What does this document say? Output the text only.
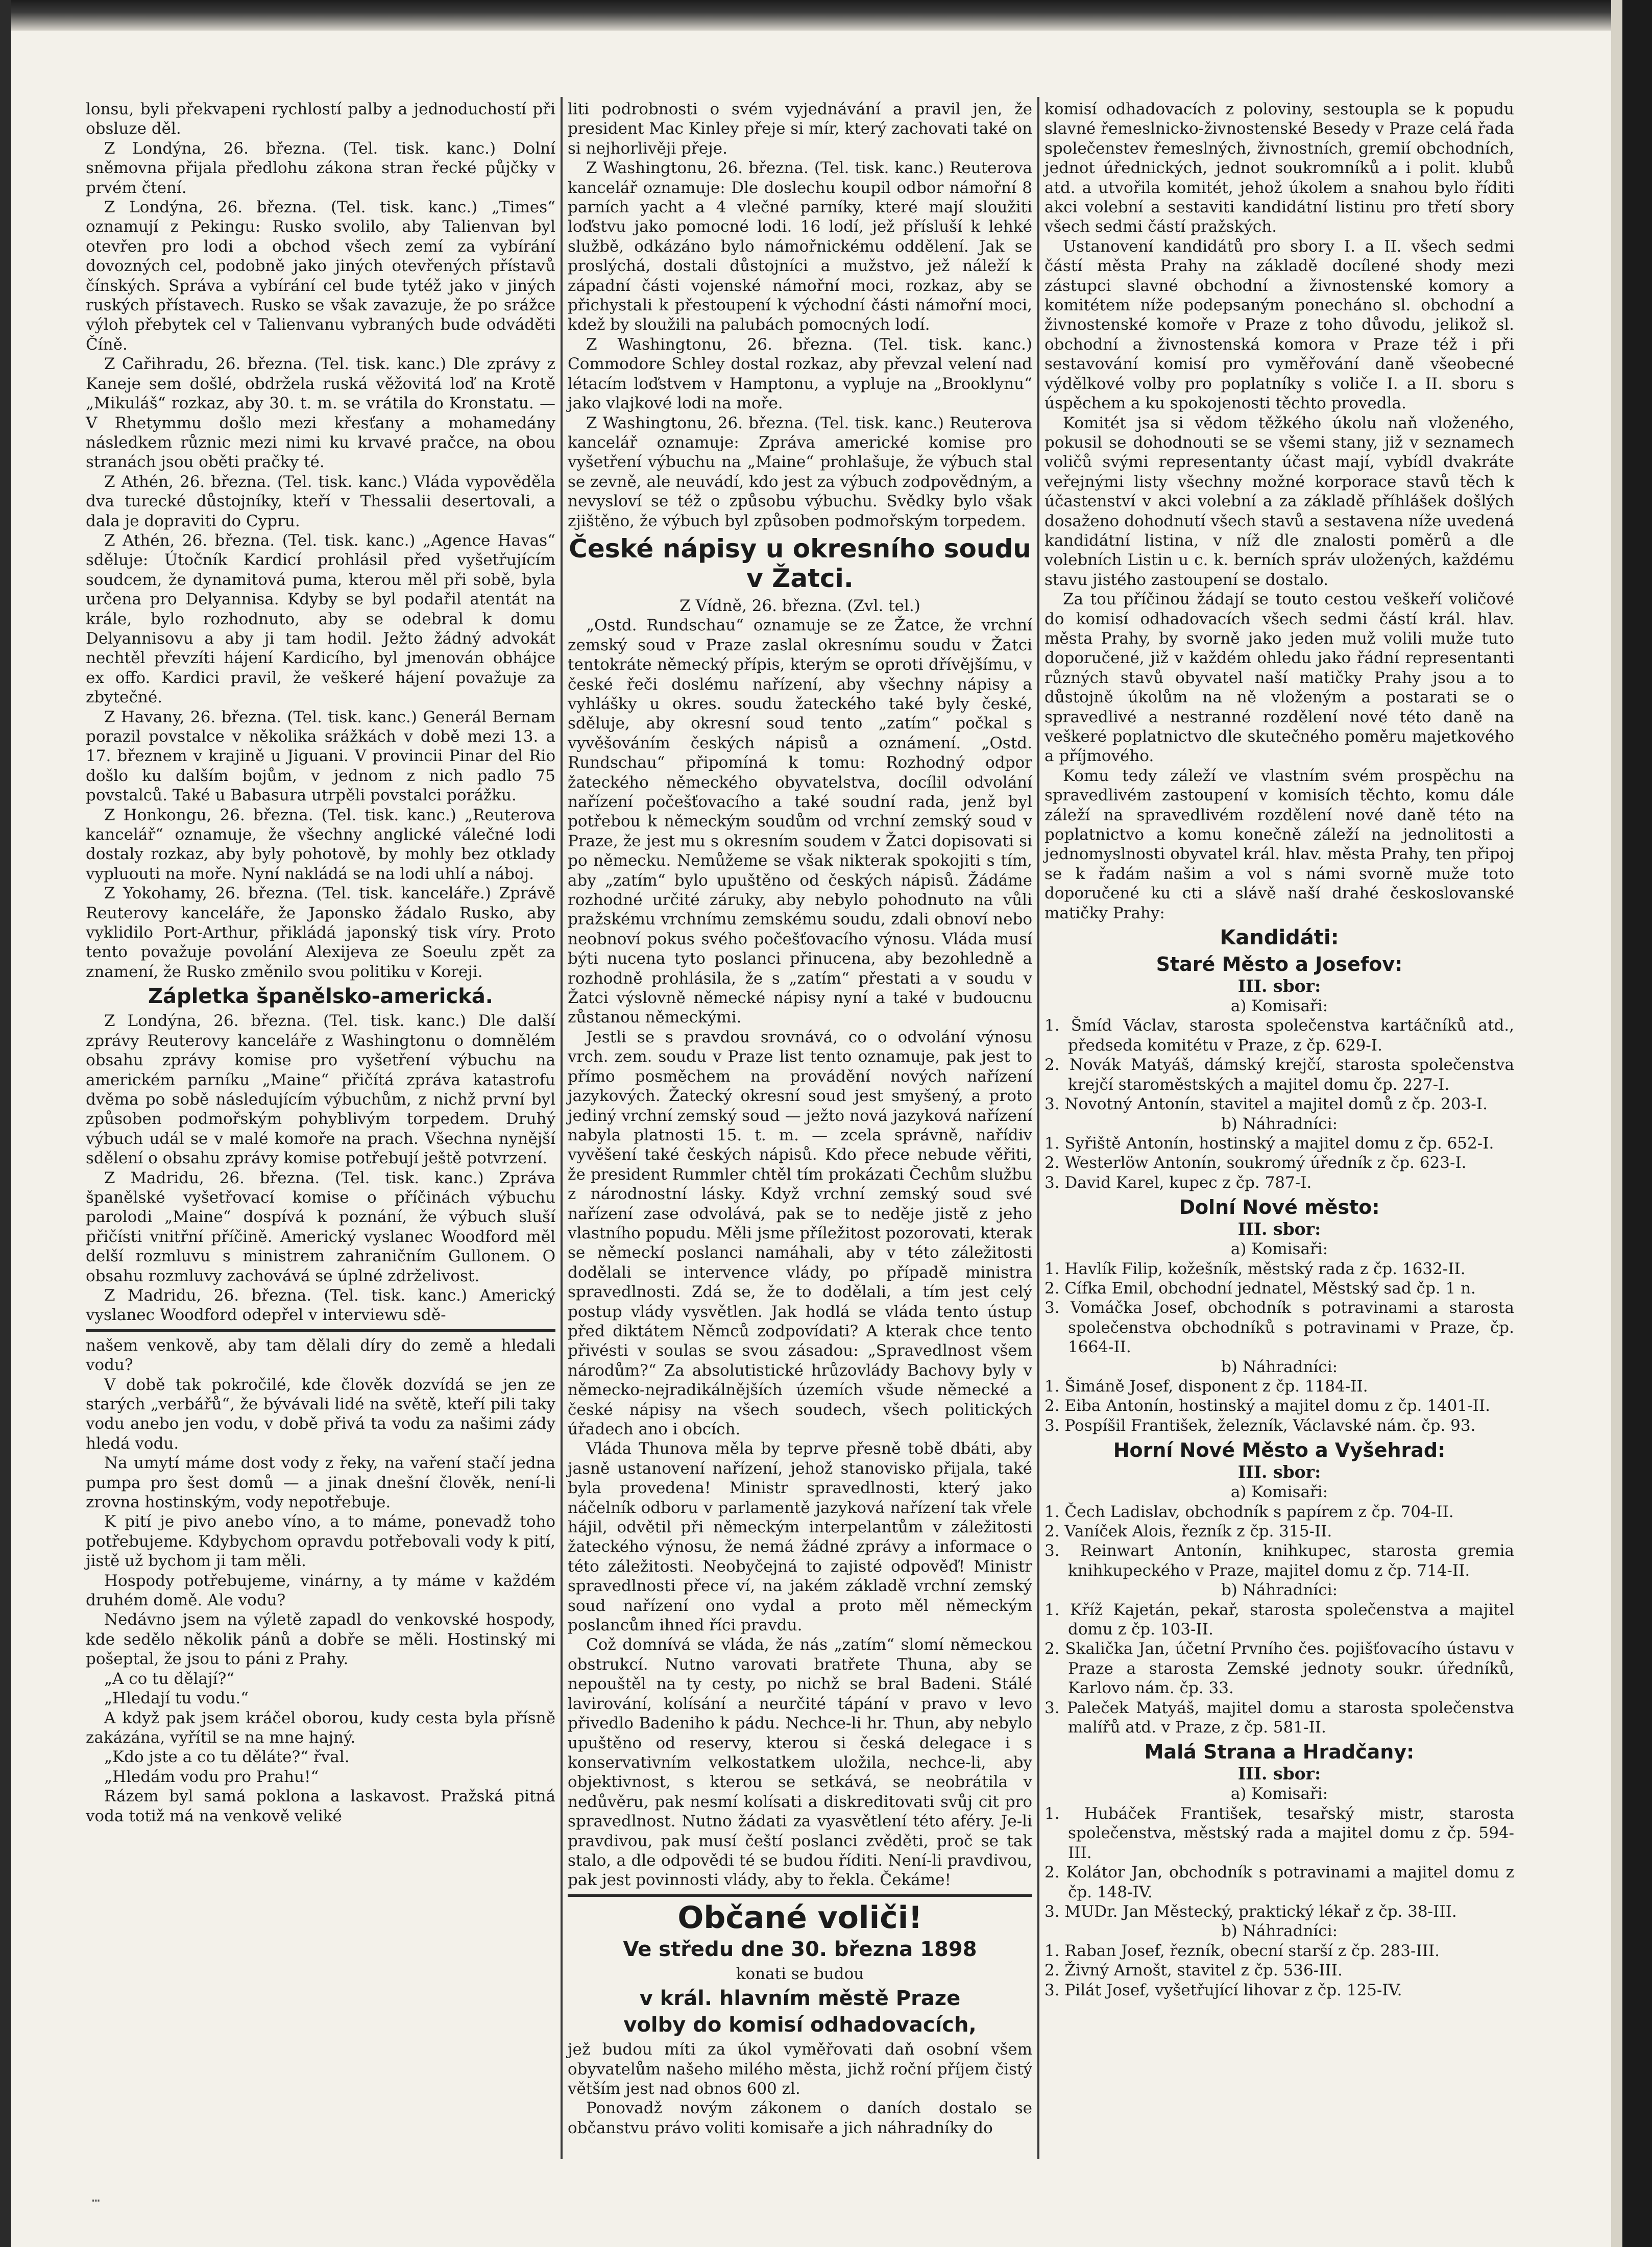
lonsu, byli překvapeni rychlostí palby a jednoduchostí při obsluze děl.

Z Londýna, 26. března. (Tel. tisk. kanc.) Dolní sněmovna přijala předlohu zákona stran řecké půjčky v prvém čtení.

Z Londýna, 26. března. (Tel. tisk. kanc.) „Times“ oznamují z Pekingu: Rusko svolilo, aby Talienvan byl otevřen pro lodi a obchod všech zemí za vybírání dovozných cel, podobně jako jiných otevřených přístavů čínských. Správa a vybírání cel bude tytéž jako v jiných ruských přístavech. Rusko se však zavazuje, že po srážce výloh přebytek cel v Talienvanu vybraných bude odváděti Číně.

Z Cařihradu, 26. března. (Tel. tisk. kanc.) Dle zprávy z Kaneje sem došlé, obdržela ruská věžovitá loď na Krotě „Mikuláš“ rozkaz, aby 30. t. m. se vrátila do Kronstatu. — V Rhetymmu došlo mezi křesťany a mohamedány následkem různic mezi nimi ku krvavé pračce, na obou stranách jsou oběti pračky té.

Z Athén, 26. března. (Tel. tisk. kanc.) Vláda vypověděla dva turecké důstojníky, kteří v Thessalii desertovali, a dala je dopraviti do Cypru.

Z Athén, 26. března. (Tel. tisk. kanc.) „Agence Havas“ sděluje: Útočník Kardicí prohlásil před vyšetřujícím soudcem, že dynamitová puma, kterou měl při sobě, byla určena pro Delyannisa. Kdyby se byl podařil atentát na krále, bylo rozhodnuto, aby se odebral k domu Delyannisovu a aby ji tam hodil. Ježto žádný advokát nechtěl převzíti hájení Kardicího, byl jmenován obhájce ex offo. Kardici pravil, že veškeré hájení považuje za zbytečné.

Z Havany, 26. března. (Tel. tisk. kanc.) Generál Bernam porazil povstalce v několika srážkách v době mezi 13. a 17. březnem v krajině u Jiguani. V provincii Pinar del Rio došlo ku dalším bojům, v jednom z nich padlo 75 povstalců. Také u Babasura utrpěli povstalci porážku.

Z Honkongu, 26. března. (Tel. tisk. kanc.) „Reuterova kancelář“ oznamuje, že všechny anglické válečné lodi dostaly rozkaz, aby byly pohotově, by mohly bez otklady vypluouti na moře. Nyní nakládá se na lodi uhlí a náboj.

Z Yokohamy, 26. března. (Tel. tisk. kanceláře.) Zprávě Reuterovy kanceláře, že Japonsko žádalo Rusko, aby vyklidilo Port-Arthur, přikládá japonský tisk víry. Proto tento považuje povolání Alexijeva ze Soeulu zpět za znamení, že Rusko změnilo svou politiku v Koreji.

Zápletka španělsko-americká.

Z Londýna, 26. března. (Tel. tisk. kanc.) Dle další zprávy Reuterovy kanceláře z Washingtonu o domnělém obsahu zprávy komise pro vyšetření výbuchu na americkém parníku „Maine“ přičítá zpráva katastrofu dvěma po sobě následujícím výbuchům, z nichž první byl způsoben podmořským pohyblivým torpedem. Druhý výbuch udál se v malé komoře na prach. Všechna nynější sdělení o obsahu zprávy komise potřebují ještě potvrzení.

Z Madridu, 26. března. (Tel. tisk. kanc.) Zpráva španělské vyšetřovací komise o příčinách výbuchu parolodi „Maine“ dospívá k poznání, že výbuch sluší přičísti vnitřní příčině. Americký vyslanec Woodford měl delší rozmluvu s ministrem zahraničním Gullonem. O obsahu rozmluvy zachovává se úplné zdrželivost.

Z Madridu, 26. března. (Tel. tisk. kanc.) Americký vyslanec Woodford odepřel v interviewu sdě-

našem venkově, aby tam dělali díry do země a hledali vodu?

V době tak pokročilé, kde člověk dozvídá se jen ze starých „verbářů“, že bývávali lidé na světě, kteří pili taky vodu anebo jen vodu, v době přivá ta vodu za našimi zády hledá vodu.

Na umytí máme dost vody z řeky, na vaření stačí jedna pumpa pro šest domů — a jinak dnešní člověk, není-li zrovna hostinským, vody nepotřebuje.

K pití je pivo anebo víno, a to máme, ponevadž toho potřebujeme. Kdybychom opravdu potřebovali vody k pití, jistě už bychom ji tam měli.

Hospody potřebujeme, vinárny, a ty máme v každém druhém domě. Ale vodu?

Nedávno jsem na výletě zapadl do venkovské hospody, kde sedělo několik pánů a dobře se měli. Hostinský mi pošeptal, že jsou to páni z Prahy.

„A co tu dělají?“

„Hledají tu vodu.“

A když pak jsem kráčel oborou, kudy cesta byla přísně zakázána, vyřítil se na mne hajný.

„Kdo jste a co tu děláte?“ řval.

„Hledám vodu pro Prahu!“

Rázem byl samá poklona a laskavost. Pražská pitná voda totiž má na venkově veliké

liti podrobnosti o svém vyjednávání a pravil jen, že president Mac Kinley přeje si mír, který zachovati také on si nejhorlivěji přeje.

Z Washingtonu, 26. března. (Tel. tisk. kanc.) Reuterova kancelář oznamuje: Dle doslechu koupil odbor námořní 8 parních yacht a 4 vlečné parníky, které mají sloužiti loďstvu jako pomocné lodi. 16 lodí, jež přísluší k lehké službě, odkázáno bylo námořnickému oddělení. Jak se proslýchá, dostali důstojníci a mužstvo, jež náleží k západní části vojenské námořní moci, rozkaz, aby se přichystali k přestoupení k východní části námořní moci, kdež by sloužili na palubách pomocných lodí.

Z Washingtonu, 26. března. (Tel. tisk. kanc.) Commodore Schley dostal rozkaz, aby převzal velení nad létacím loďstvem v Hamptonu, a vypluje na „Brooklynu“ jako vlajkové lodi na moře.

Z Washingtonu, 26. března. (Tel. tisk. kanc.) Reuterova kancelář oznamuje: Zpráva americké komise pro vyšetření výbuchu na „Maine“ prohlašuje, že výbuch stal se zevně, ale neuvádí, kdo jest za výbuch zodpovědným, a nevysloví se též o způsobu výbuchu. Svědky bylo však zjištěno, že výbuch byl způsoben podmořským torpedem.

České nápisy u okresního soudu v Žatci.

Z Vídně, 26. března. (Zvl. tel.)

„Ostd. Rundschau“ oznamuje se ze Žatce, že vrchní zemský soud v Praze zaslal okresnímu soudu v Žatci tentokráte německý přípis, kterým se oproti dřívějšímu, v české řeči doslému nařízení, aby všechny nápisy a vyhlášky u okres. soudu žateckého také byly české, sděluje, aby okresní soud tento „zatím“ počkal s vyvěšováním českých nápisů a oznámení. „Ostd. Rundschau“ připomíná k tomu: Rozhodný odpor žateckého německého obyvatelstva, docílil odvolání nařízení počešťovacího a také soudní rada, jenž byl potřebou k německým soudům od vrchní zemský soud v Praze, že jest mu s okresním soudem v Žatci dopisovati si po německu. Nemůžeme se však nikterak spokojiti s tím, aby „zatím“ bylo upuštěno od českých nápisů. Žádáme rozhodné určité záruky, aby nebylo pohodnuto na vůli pražskému vrchnímu zemskému soudu, zdali obnoví nebo neobnoví pokus svého počešťovacího výnosu. Vláda musí býti nucena tyto poslanci přinucena, aby bezohledně a rozhodně prohlásila, že s „zatím“ přestati a v soudu v Žatci výslovně německé nápisy nyní a také v budoucnu zůstanou německými.

Jestli se s pravdou srovnává, co o odvolání výnosu vrch. zem. soudu v Praze list tento oznamuje, pak jest to přímo posměchem na provádění nových nařízení jazykových. Žatecký okresní soud jest smyšený, a proto jediný vrchní zemský soud — ježto nová jazyková nařízení nabyla platnosti 15. t. m. — zcela správně, nařídiv vyvěšení také českých nápisů. Kdo přece nebude věřiti, že president Rummler chtěl tím prokázati Čechům službu z národnostní lásky. Když vrchní zemský soud své nařízení zase odvolává, pak se to neděje jistě z jeho vlastního popudu. Měli jsme příležitost pozorovati, kterak se německí poslanci namáhali, aby v této záležitosti dodělali se intervence vlády, po případě ministra spravedlnosti. Zdá se, že to dodělali, a tím jest celý postup vlády vysvětlen. Jak hodlá se vláda tento ústup před diktátem Němců zodpovídati? A kterak chce tento přivésti v soulas se svou zásadou: „Spravedlnost všem národům?“ Za absolutistické hrůzovlády Bachovy byly v německo-nejradikálnějších územích všude německé a české nápisy na všech soudech, všech politických úřadech ano i obcích.

Vláda Thunova měla by teprve přesně tobě dbáti, aby jasně ustanovení nařízení, jehož stanovisko přijala, také byla provedena! Ministr spravedlnosti, který jako náčelník odboru v parlamentě jazyková nařízení tak vřele hájil, odvětil při německým interpelantům v záležitosti žateckého výnosu, že nemá žádné zprávy a informace o této záležitosti. Neobyčejná to zajisté odpověď! Ministr spravedlnosti přece ví, na jakém základě vrchní zemský soud nařízení ono vydal a proto měl německým poslancům ihned říci pravdu.

Což domnívá se vláda, že nás „zatím“ slomí německou obstrukcí. Nutno varovati bratřete Thuna, aby se nepouštěl na ty cesty, po nichž se bral Badeni. Stálé lavirování, kolísání a neurčité tápání v pravo v levo přivedlo Badeniho k pádu. Nechce-li hr. Thun, aby nebylo upuštěno od reservy, kterou si česká delegace i s konservativním velkostatkem uložila, nechce-li, aby objektivnost, s kterou se setkává, se neobrátila v nedůvěru, pak nesmí kolísati a diskreditovati svůj cit pro spravedlnost. Nutno žádati za vyasvětlení této aféry. Je-li pravdivou, pak musí čeští poslanci zvěděti, proč se tak stalo, a dle odpovědi té se budou říditi. Není-li pravdivou, pak jest povinnosti vlády, aby to řekla. Čekáme!

Občané voliči!
Ve středu dne 30. března 1898

konati se budou

v král. hlavním městě Praze
volby do komisí odhadovacích,

jež budou míti za úkol vyměřovati daň osobní všem obyvatelům našeho milého města, jichž roční příjem čistý větším jest nad obnos 600 zl.

Ponovadž novým zákonem o daních dostalo se občanstvu právo voliti komisaře a jich náhradníky do

komisí odhadovacích z poloviny, sestoupla se k popudu slavné řemeslnicko-živnostenské Besedy v Praze celá řada společenstev řemeslných, živnostních, gremií obchodních, jednot úřednických, jednot soukromníků a i polit. klubů atd. a utvořila komitét, jehož úkolem a snahou bylo říditi akci volební a sestaviti kandidátní listinu pro třetí sbory všech sedmi částí pražských.

Ustanovení kandidátů pro sbory I. a II. všech sedmi částí města Prahy na základě docílené shody mezi zástupci slavné obchodní a živnostenské komory a komitétem níže podepsaným ponecháno sl. obchodní a živnostenské komoře v Praze z toho důvodu, jelikož sl. obchodní a živnostenská komora v Praze též i při sestavování komisí pro vyměřování daně všeobecné výdělkové volby pro poplatníky s voliče I. a II. sboru s úspěchem a ku spokojenosti těchto provedla.

Komitét jsa si vědom těžkého úkolu naň vloženého, pokusil se dohodnouti se se všemi stany, již v seznamech voličů svými representanty účast mají, vybídl dvakráte veřejnými listy všechny možné korporace stavů těch k účastenství v akci volební a za základě příhlášek došlých dosaženo dohodnutí všech stavů a sestavena níže uvedená kandidátní listina, v níž dle znalosti poměrů a dle volebních Listin u c. k. berních správ uložených, každému stavu jistého zastoupení se dostalo.

Za tou příčinou žádají se touto cestou veškeří voličové do komisí odhadovacích všech sedmi částí král. hlav. města Prahy, by svorně jako jeden muž volili muže tuto doporučené, již v každém ohledu jako řádní representanti různých stavů obyvatel naší matičky Prahy jsou a to důstojně úkolům na ně vloženým a postarati se o spravedlivé a nestranné rozdělení nové této daně na veškeré poplatnictvo dle skutečného poměru majetkového a příjmového.

Komu tedy záleží ve vlastním svém prospěchu na spravedlivém zastoupení v komisích těchto, komu dále záleží na spravedlivém rozdělení nové daně této na poplatnictvo a komu konečně záleží na jednolitosti a jednomyslnosti obyvatel král. hlav. města Prahy, ten připoj se k řadám našim a vol s námi svorně muže toto doporučené ku cti a slávě naší drahé českoslovanské matičky Prahy:

Kandidáti:
Staré Město a Josefov:
III. sbor:

a) Komisaři:

1. Šmíd Václav, starosta společenstva kartáčníků atd., předseda komitétu v Praze, z čp. 629-I.

2. Novák Matyáš, dámský krejčí, starosta společenstva krejčí staroměstských a majitel domu čp. 227-I.

3. Novotný Antonín, stavitel a majitel domů z čp. 203-I.

b) Náhradníci:

1. Syřiště Antonín, hostinský a majitel domu z čp. 652-I.

2. Westerlöw Antonín, soukromý úředník z čp. 623-I.

3. David Karel, kupec z čp. 787-I.

Dolní Nové město:
III. sbor:

a) Komisaři:

1. Havlík Filip, kožešník, městský rada z čp. 1632-II.

2. Cífka Emil, obchodní jednatel, Městský sad čp. 1 n.

3. Vomáčka Josef, obchodník s potravinami a starosta společenstva obchodníků s potravinami v Praze, čp. 1664-II.

b) Náhradníci:

1. Šimáně Josef, disponent z čp. 1184-II.

2. Eiba Antonín, hostinský a majitel domu z čp. 1401-II.

3. Pospíšil František, železník, Václavské nám. čp. 93.

Horní Nové Město a Vyšehrad:
III. sbor:

a) Komisaři:

1. Čech Ladislav, obchodník s papírem z čp. 704-II.

2. Vaníček Alois, řezník z čp. 315-II.

3. Reinwart Antonín, knihkupec, starosta gremia knihkupeckého v Praze, majitel domu z čp. 714-II.

b) Náhradníci:

1. Kříž Kajetán, pekař, starosta společenstva a majitel domu z čp. 103-II.

2. Skalička Jan, účetní Prvního čes. pojišťovacího ústavu v Praze a starosta Zemské jednoty soukr. úředníků, Karlovo nám. čp. 33.

3. Paleček Matyáš, majitel domu a starosta společenstva malířů atd. v Praze, z čp. 581-II.

Malá Strana a Hradčany:
III. sbor:

a) Komisaři:

1. Hubáček František, tesařský mistr, starosta společenstva, městský rada a majitel domu z čp. 594-III.

2. Kolátor Jan, obchodník s potravinami a majitel domu z čp. 148-IV.

3. MUDr. Jan Městecký, praktický lékař z čp. 38-III.

b) Náhradníci:

1. Raban Josef, řezník, obecní starší z čp. 283-III.

2. Živný Arnošt, stavitel z čp. 536-III.

3. Pilát Josef, vyšetřující lihovar z čp. 125-IV.

…
